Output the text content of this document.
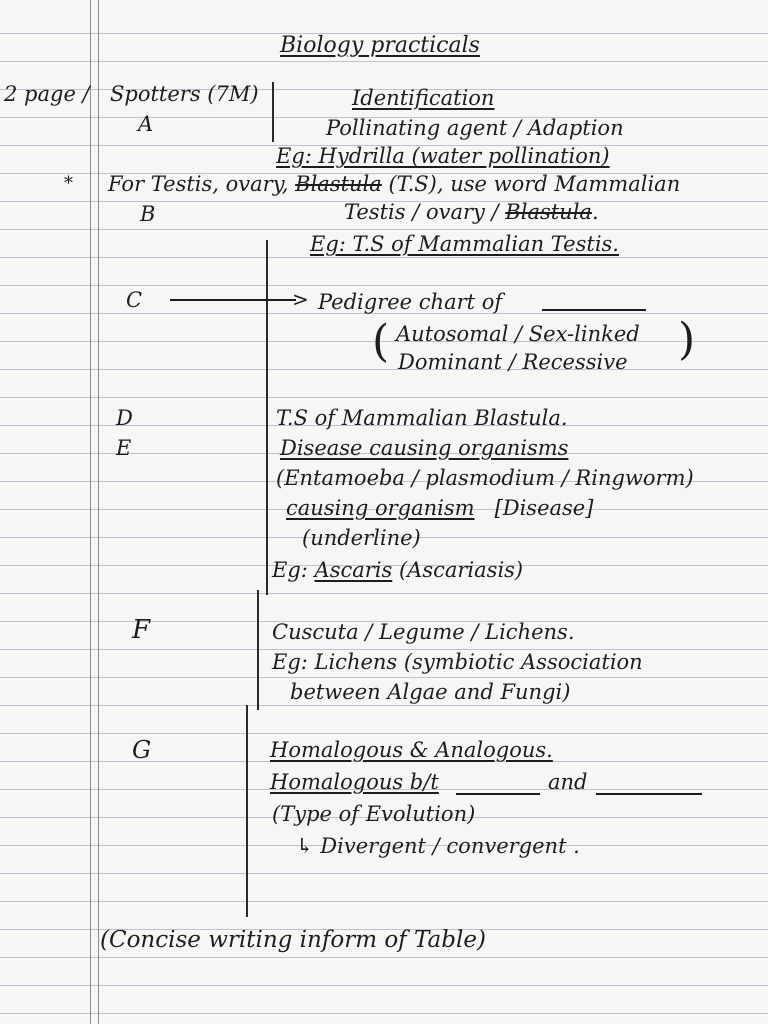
Biology practicals
2 page / Spotters (7M)	Identification
A	Pollinating agent / Adaption
Eg: Hydrilla (water pollination)
* For Testis, ovary, Blastula (T.S), use word Mammalian
B	Testis / ovary / Blastula.
Eg: T.S of Mammalian Testis.
C	> Pedigree chart of
( Autosomal / Sex-linked
Dominant / Recessive )
D	T.S of Mammalian Blastula.
E	Disease causing organisms
(Entamoeba / plasmodium / Ringworm)
causing organism [Disease]
(underline)
Eg: Ascaris (Ascariasis)
F	Cuscuta / Legume / Lichens.
Eg: Lichens (symbiotic Association
between Algae and Fungi)
G	Homalogous & Analogous.
Homalogous b/t	and
(Type of Evolution)
↳ Divergent / convergent .
(Concise writing inform of Table)
